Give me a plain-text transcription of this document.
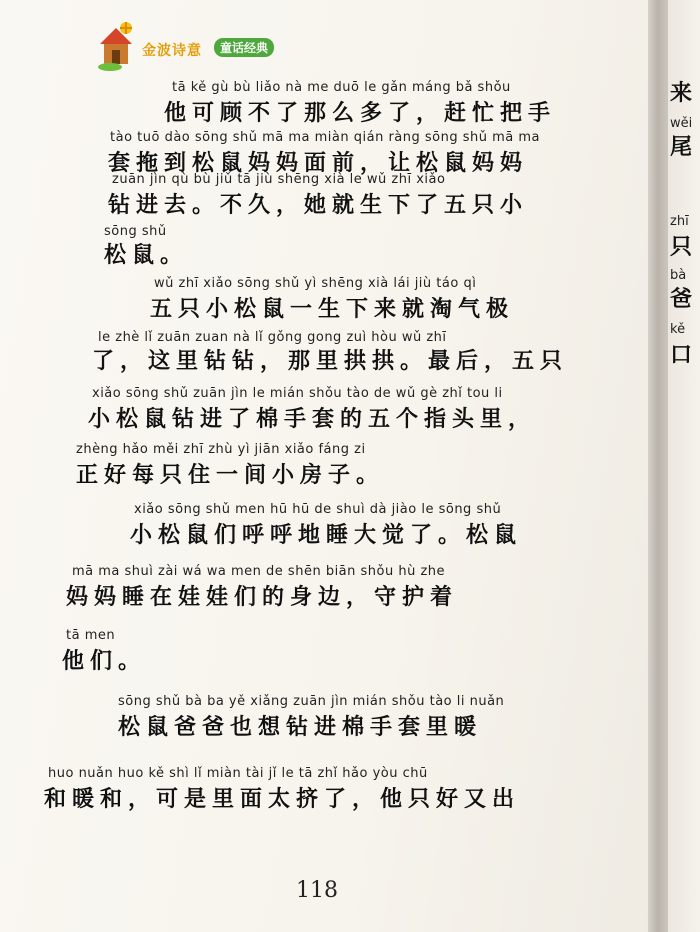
金波诗意	童话经典
tā kě gù bù liǎo nà me duō le gǎn máng bǎ shǒu
他可顾不了那么多了，赶忙把手
tào tuō dào sōng shǔ mā ma miàn qián ràng sōng shǔ mā ma
套拖到松鼠妈妈面前，让松鼠妈妈
zuān jìn qù bù jiǔ tā jiù shēng xià le wǔ zhī xiǎo
钻进去。不久，她就生下了五只小
sōng shǔ
松鼠。
wǔ zhī xiǎo sōng shǔ yì shēng xià lái jiù táo qì
五只小松鼠一生下来就淘气极
le zhè lǐ zuān zuan nà lǐ gǒng gong zuì hòu wǔ zhī
了，这里钻钻，那里拱拱。最后，五只
xiǎo sōng shǔ zuān jìn le mián shǒu tào de wǔ gè zhǐ tou li
小松鼠钻进了棉手套的五个指头里，
zhèng hǎo měi zhī zhù yì jiān xiǎo fáng zi
正好每只住一间小房子。
xiǎo sōng shǔ men hū hū de shuì dà jiào le sōng shǔ
小松鼠们呼呼地睡大觉了。松鼠
mā ma shuì zài wá wa men de shēn biān shǒu hù zhe
妈妈睡在娃娃们的身边，守护着
tā men
他们。
sōng shǔ bà ba yě xiǎng zuān jìn mián shǒu tào li nuǎn
松鼠爸爸也想钻进棉手套里暖
huo nuǎn huo kě shì lǐ miàn tài jǐ le tā zhǐ hǎo yòu chū
和暖和，可是里面太挤了，他只好又出
118
来
wěi
尾
zhī
只
bà
爸
kě
口
